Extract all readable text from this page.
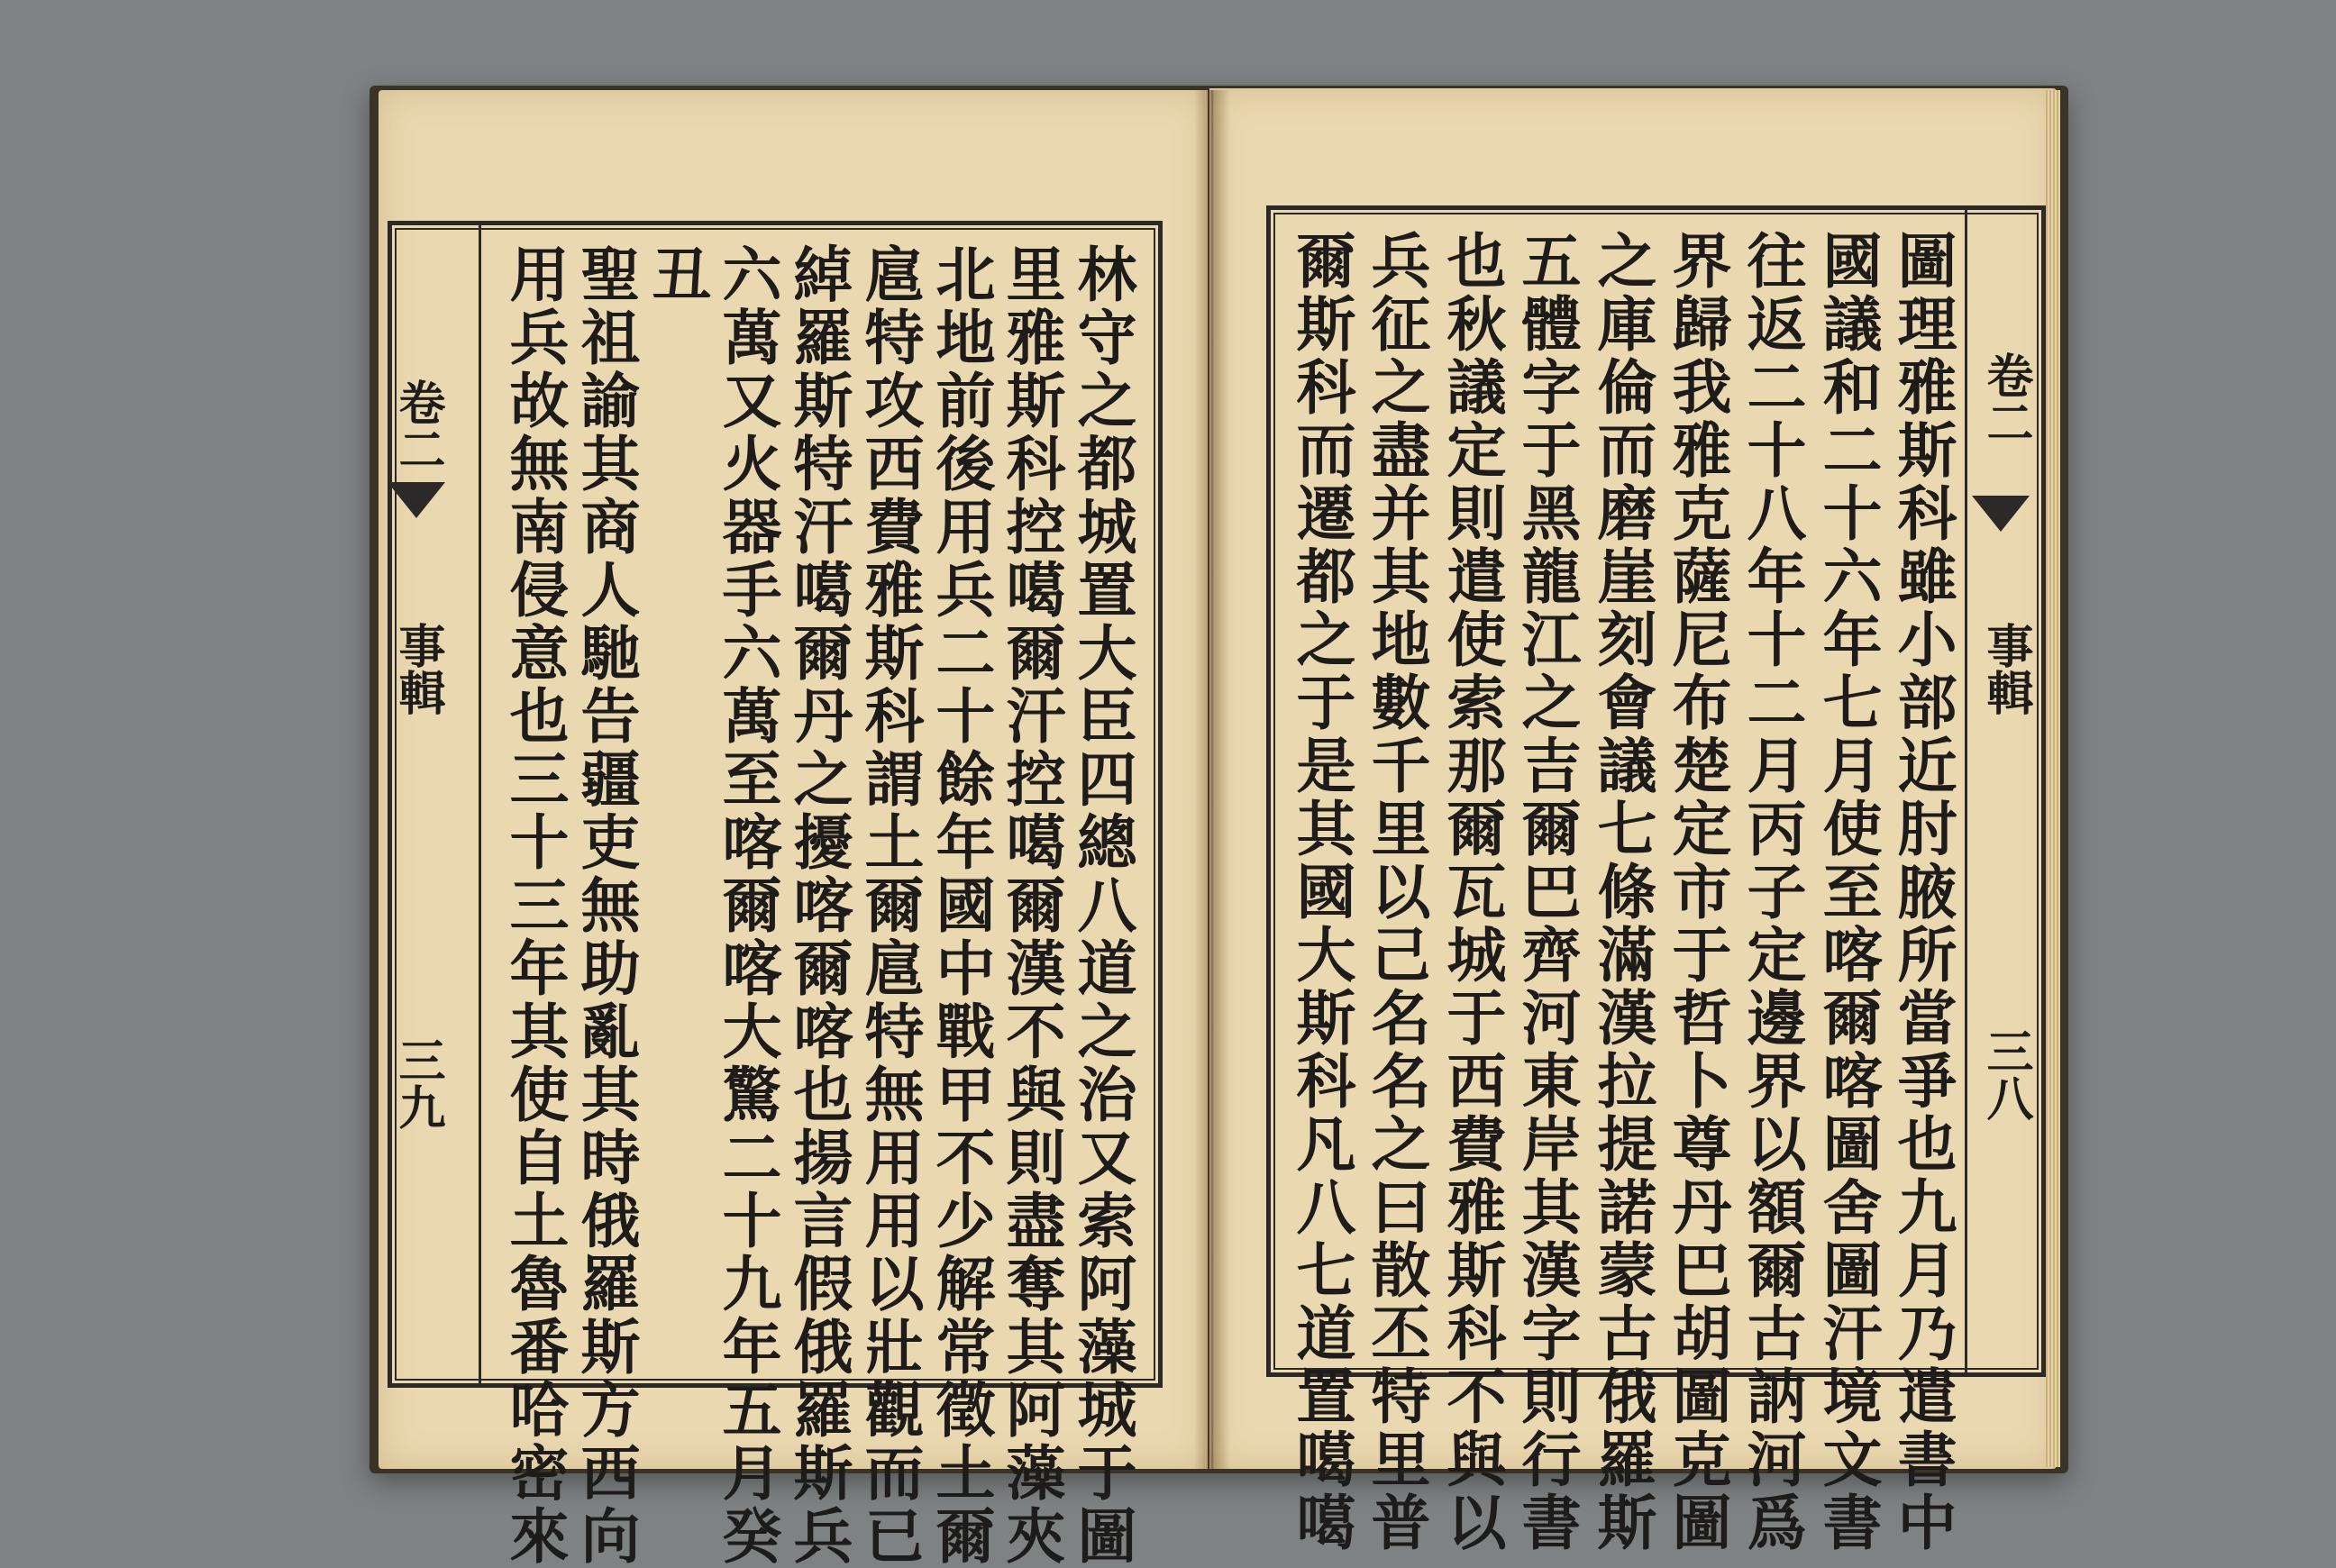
卷二
事輯
三九	林守之都城置大臣四總八道之治又索阿藻城于圖
里雅斯科控噶爾汗控噶爾漢不與則盡奪其阿藻夾
北地前後用兵二十餘年國中戰甲不少解常徵土爾
扈特攻西費雅斯科謂土爾扈特無用用以壯觀而已
綽羅斯特汗噶爾丹之擾喀爾喀也揚言假俄羅斯兵
六萬又火器手六萬至喀爾喀大驚二十九年五月癸
丑
聖祖諭其商人馳告疆吏無助亂其時俄羅斯方西向
用兵故無南侵意也三十三年其使自土魯番哈密來	卷二
事輯
三八
圖理雅斯科雖小部近肘腋所當爭也九月乃遣書中
國議和二十六年七月使至喀爾喀圖舍圖汗境文書
往返二十八年十二月丙子定邊界以額爾古訥河爲
界歸我雅克薩尼布楚定市于哲卜尊丹巴胡圖克圖
之庫倫而磨崖刻會議七條滿漢拉提諾蒙古俄羅斯
五體字于黑龍江之吉爾巴齊河東岸其漢字則行書
也秋議定則遣使索那爾瓦城于西費雅斯科不與以
兵征之盡并其地數千里以己名名之曰散丕特里普
爾斯科而遷都之于是其國大斯科凡八七道置噶噶
